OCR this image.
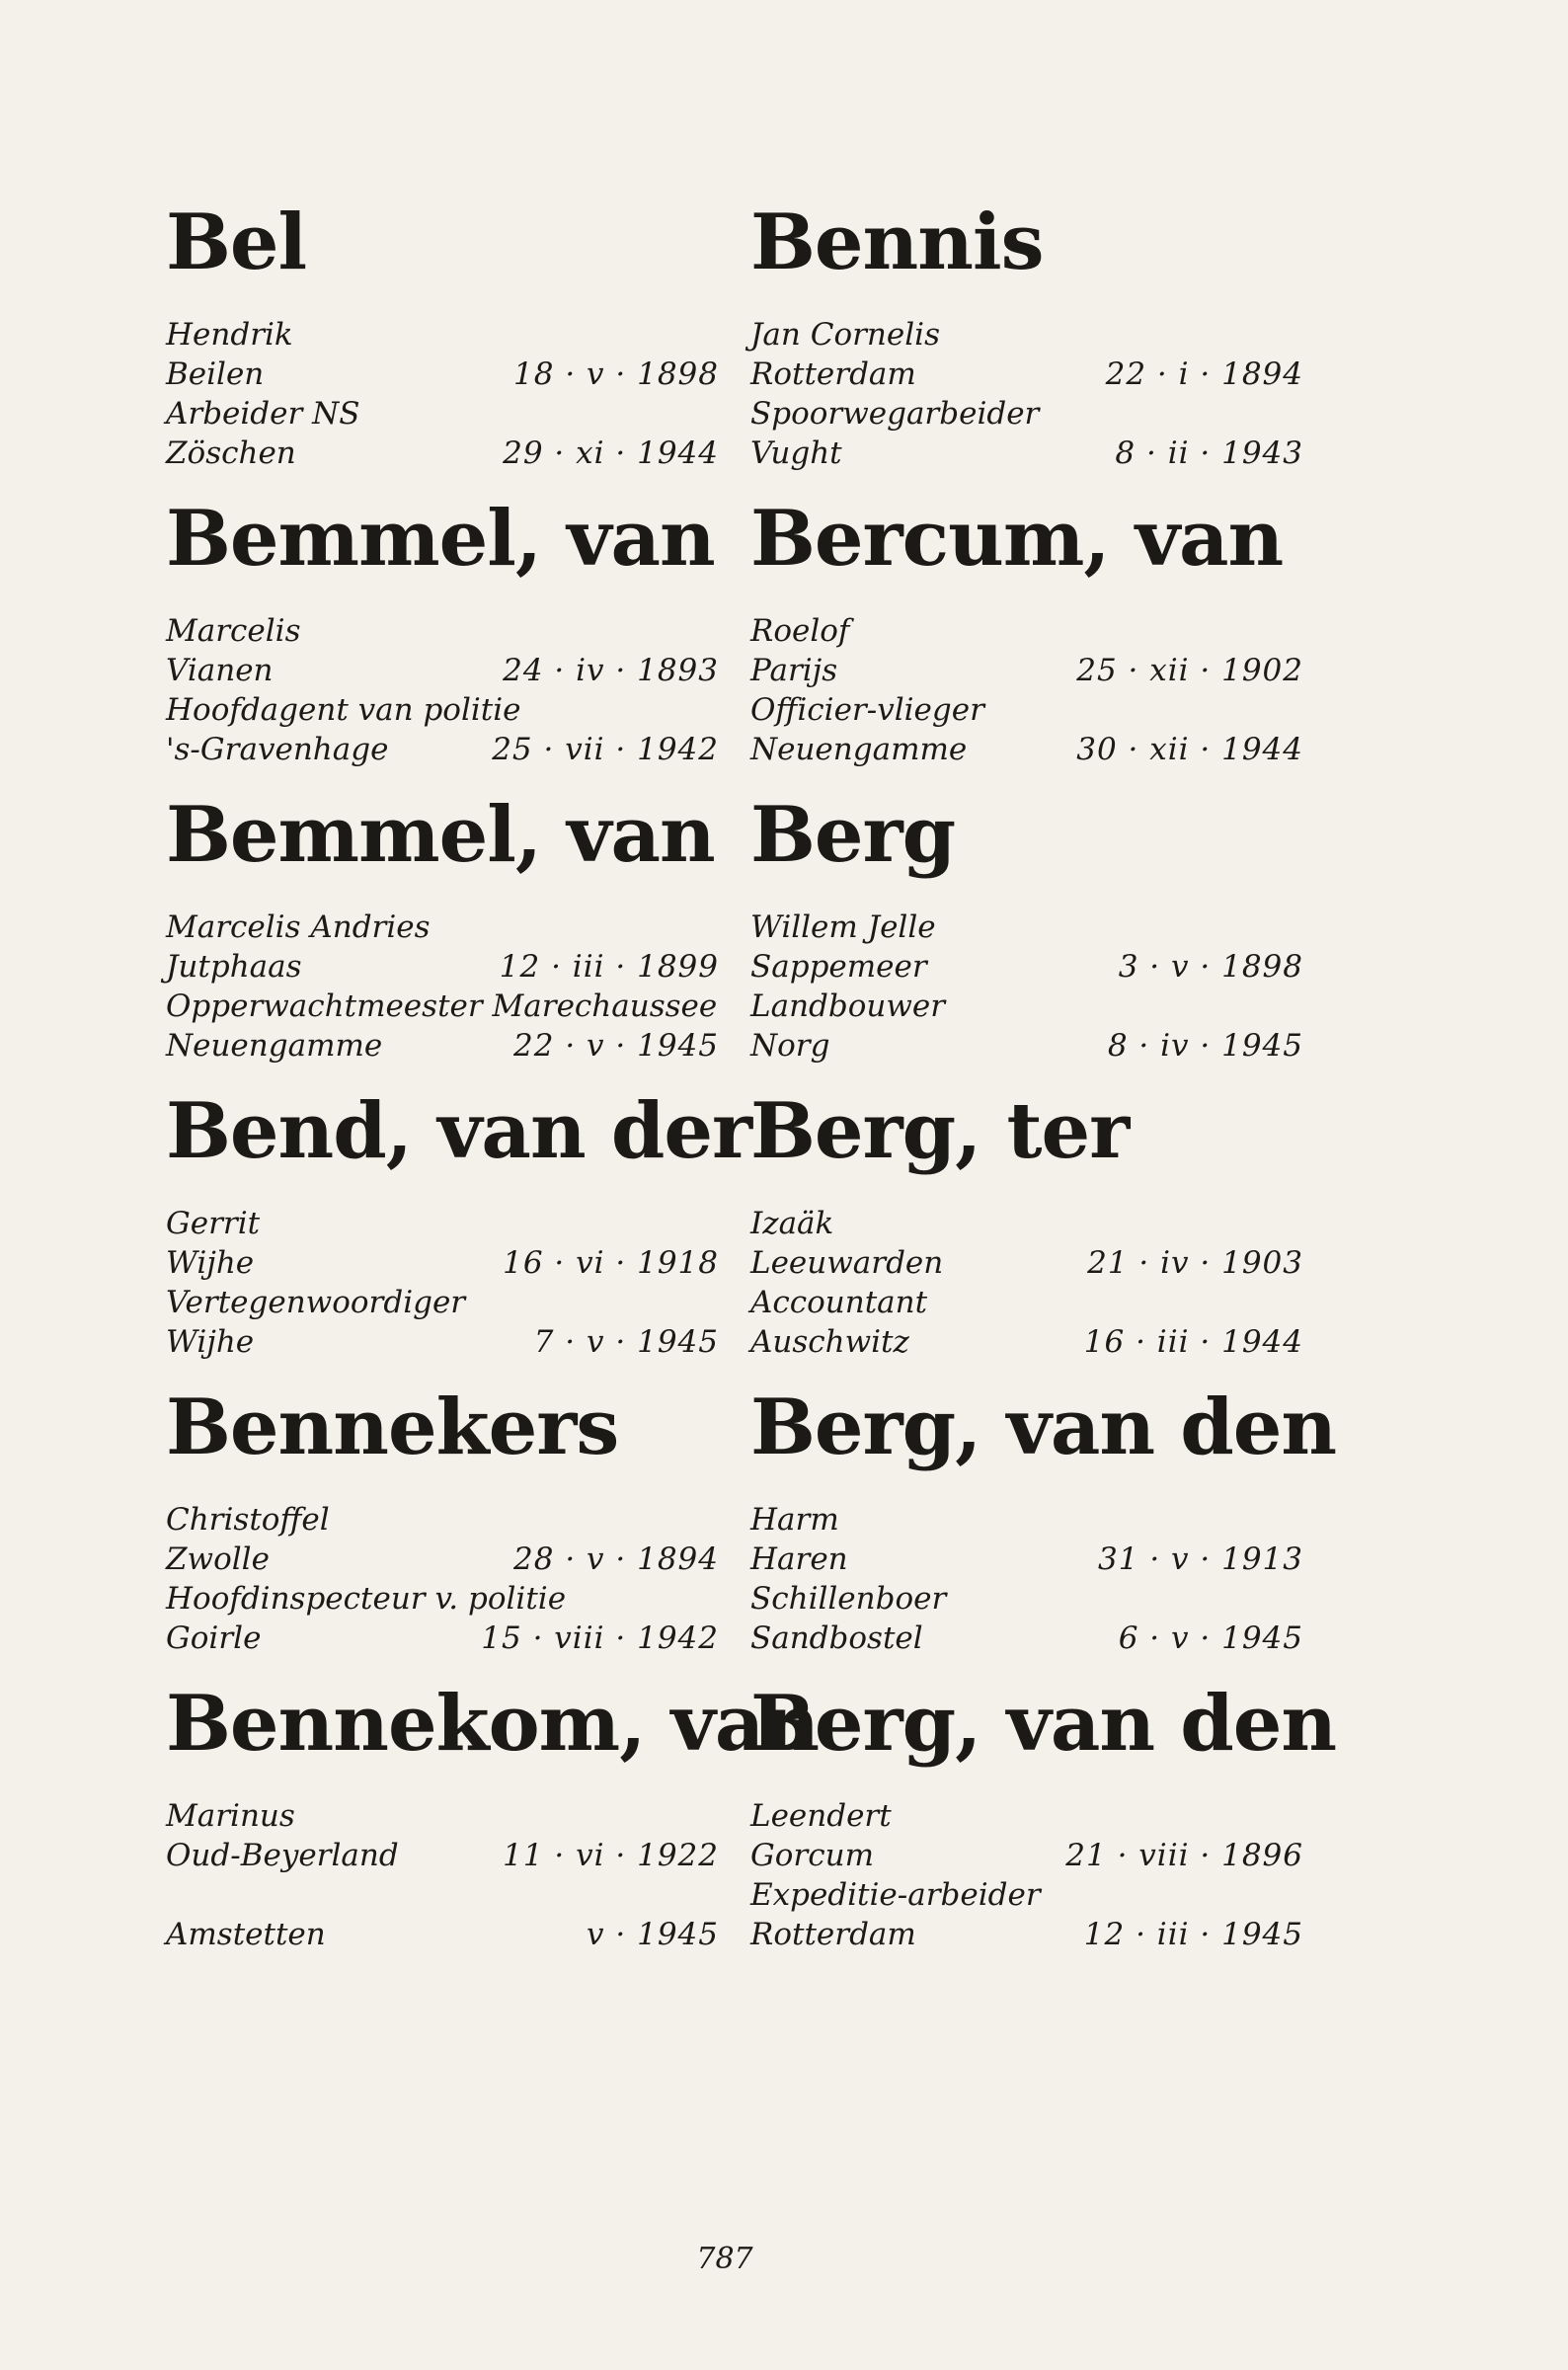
Bel
Hendrik
Beilen	18 · v · 1898
Arbeider NS
Zöschen	29 · xi · 1944
Bemmel, van
Marcelis
Vianen	24 · iv · 1893
Hoofdagent van politie
's-Gravenhage	25 · vii · 1942
Bemmel, van
Marcelis Andries
Jutphaas	12 · iii · 1899
Opperwachtmeester Marechaussee
Neuengamme	22 · v · 1945
Bend, van der
Gerrit
Wijhe	16 · vi · 1918
Vertegenwoordiger
Wijhe	7 · v · 1945
Bennekers
Christoffel
Zwolle	28 · v · 1894
Hoofdinspecteur v. politie
Goirle	15 · viii · 1942
Bennekom, van
Marinus
Oud-Beyerland	11 · vi · 1922
Amstetten	v · 1945
Bennis
Jan Cornelis
Rotterdam	22 · i · 1894
Spoorwegarbeider
Vught	8 · ii · 1943
Bercum, van
Roelof
Parijs	25 · xii · 1902
Officier-vlieger
Neuengamme	30 · xii · 1944
Berg
Willem Jelle
Sappemeer	3 · v · 1898
Landbouwer
Norg	8 · iv · 1945
Berg, ter
Izaäk
Leeuwarden	21 · iv · 1903
Accountant
Auschwitz	16 · iii · 1944
Berg, van den
Harm
Haren	31 · v · 1913
Schillenboer
Sandbostel	6 · v · 1945
Berg, van den
Leendert
Gorcum	21 · viii · 1896
Expeditie-arbeider
Rotterdam	12 · iii · 1945
787
